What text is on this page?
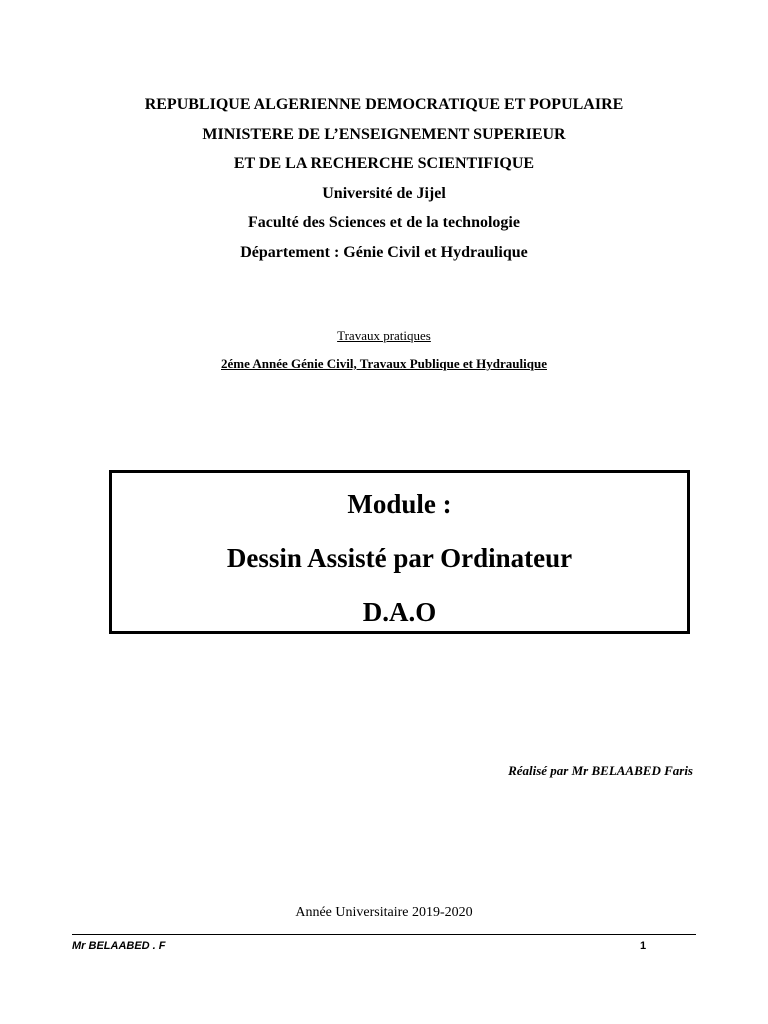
REPUBLIQUE ALGERIENNE DEMOCRATIQUE ET POPULAIRE
MINISTERE DE L’ENSEIGNEMENT SUPERIEUR
ET DE LA RECHERCHE SCIENTIFIQUE
Université de Jijel
Faculté des Sciences et de la technologie
Département : Génie Civil et Hydraulique
Travaux pratiques
2éme Année Génie Civil, Travaux Publique et Hydraulique
Module :
Dessin Assisté par Ordinateur
D.A.O
Réalisé par Mr BELAABED Faris
Année Universitaire 2019-2020
Mr BELAABED . F	1
